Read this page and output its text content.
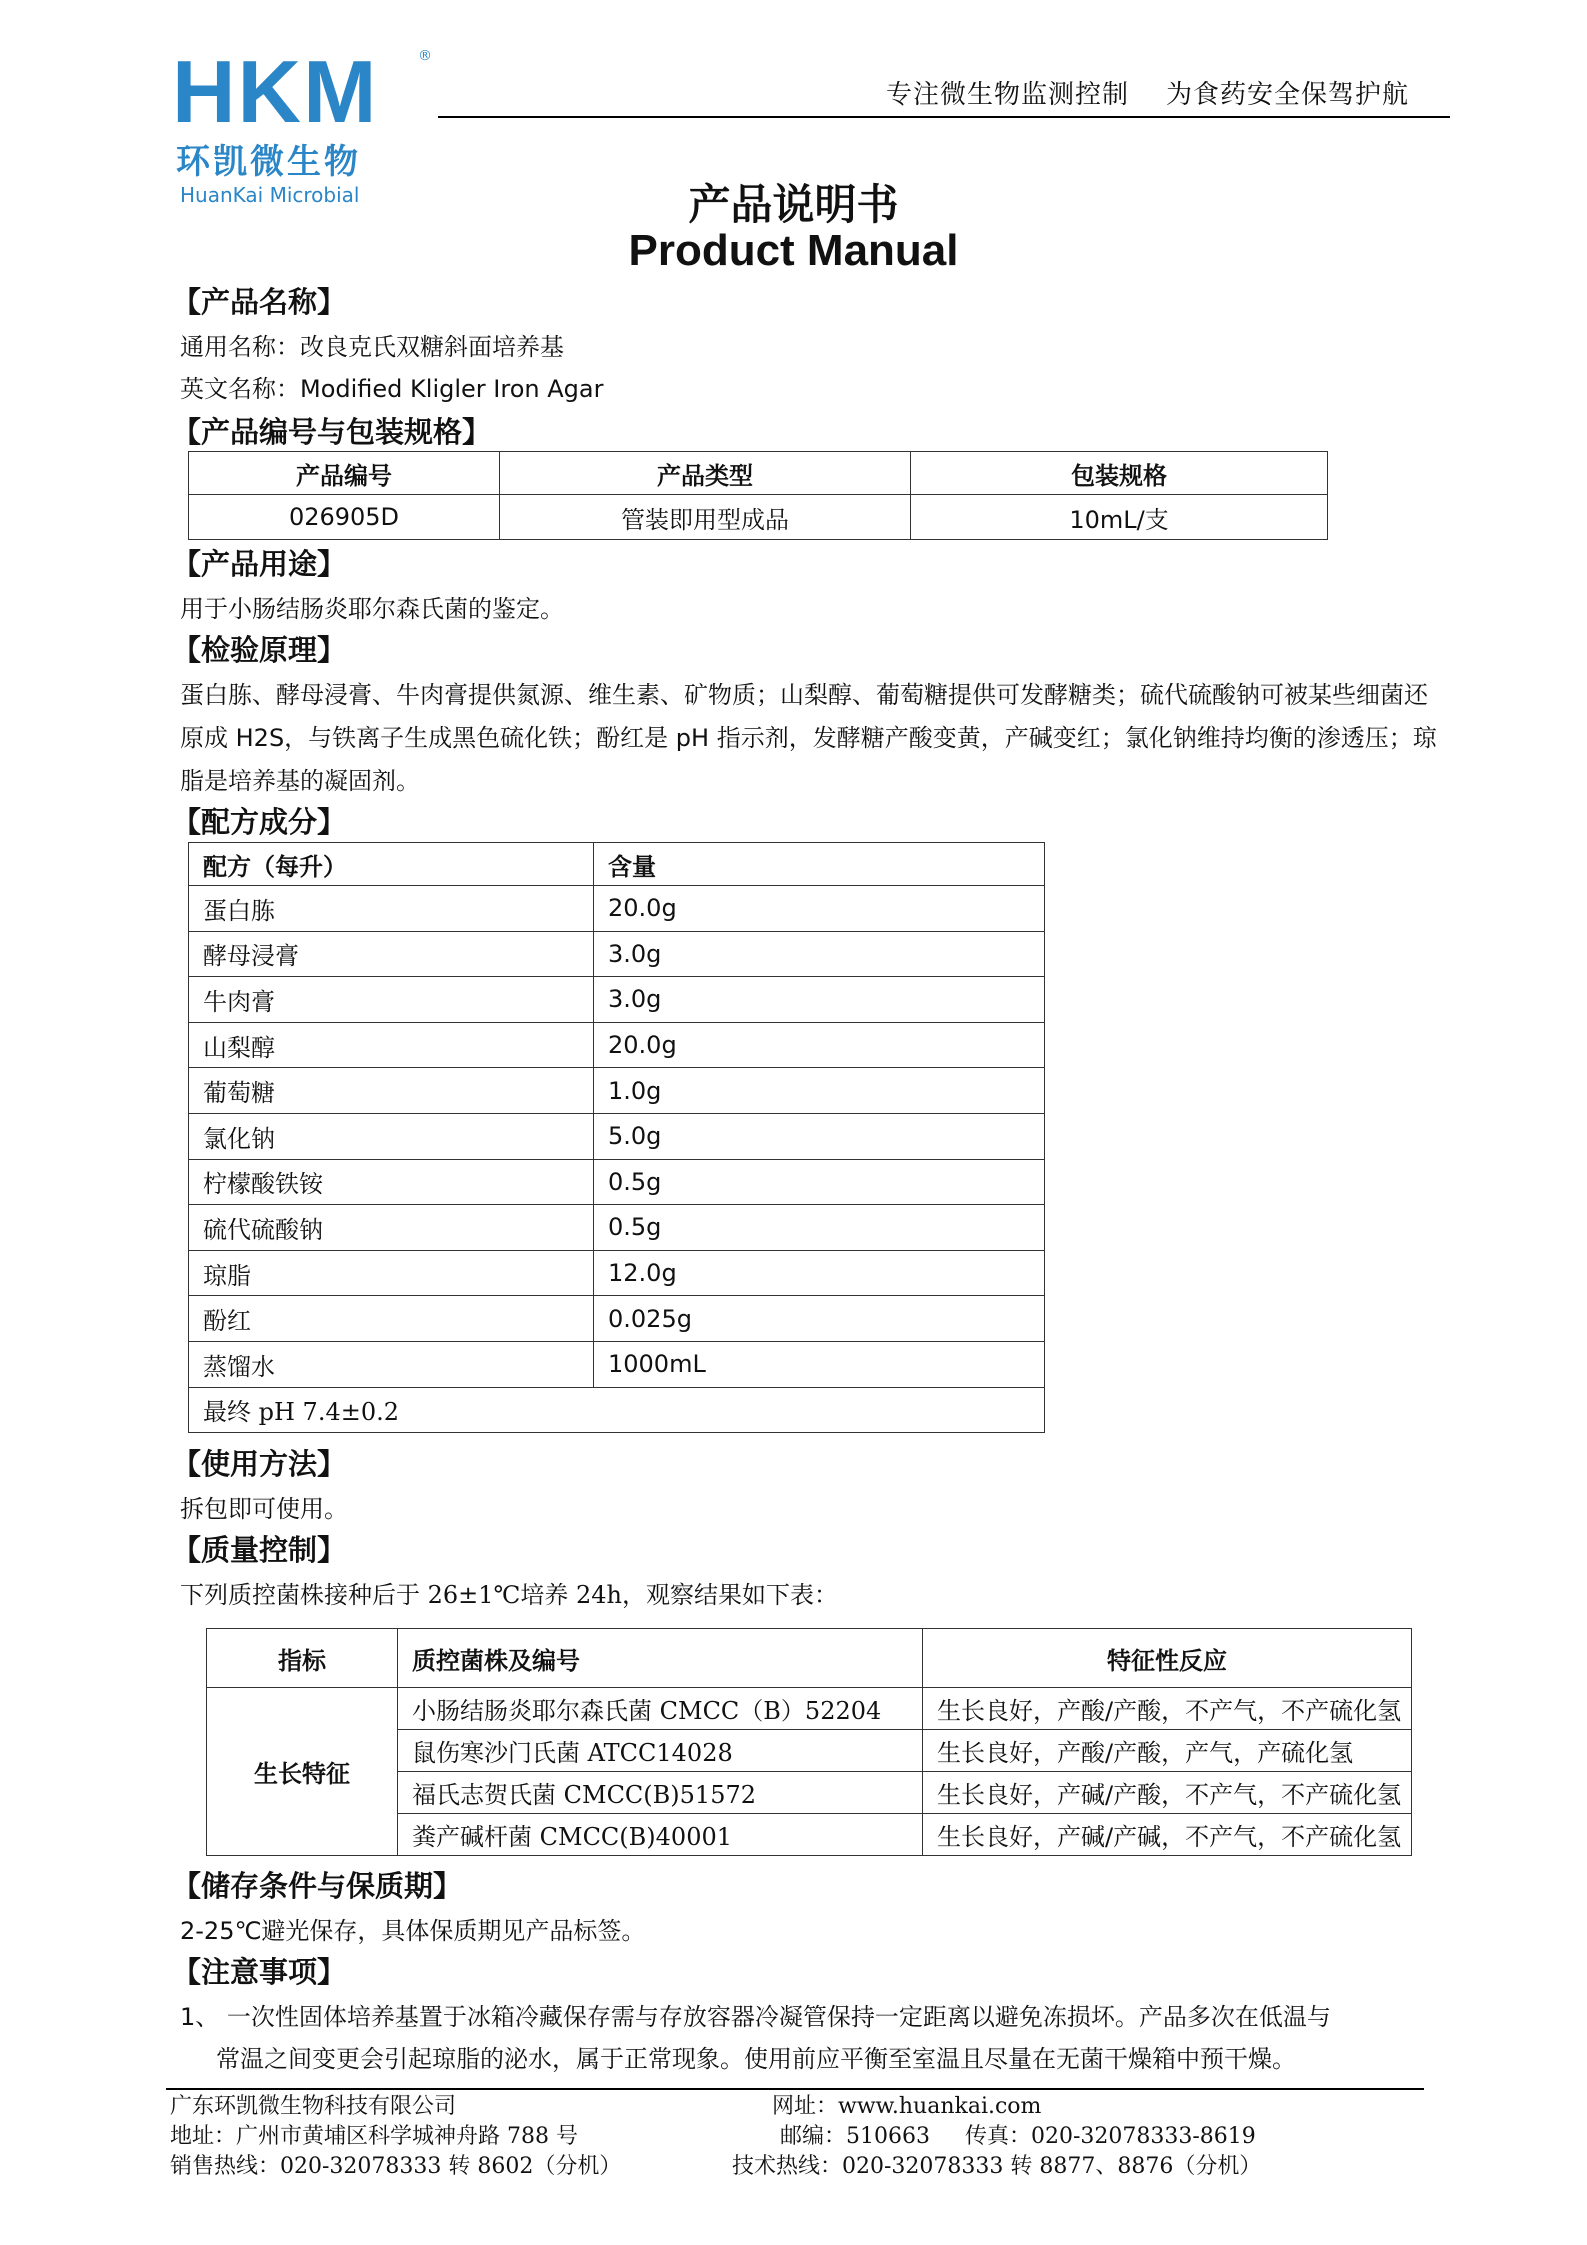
HKM	®
环凯微生物
HuanKai Microbial
专注微生物监测控制    为食药安全保驾护航
产品说明书
Product Manual
【产品名称】
通用名称：改良克氏双糖斜面培养基
英文名称：Modified Kligler Iron Agar
【产品编号与包装规格】
产品编号	产品类型	包装规格
026905D	管装即用型成品	10mL/支
【产品用途】
用于小肠结肠炎耶尔森氏菌的鉴定。
【检验原理】
蛋白胨、酵母浸膏、牛肉膏提供氮源、维生素、矿物质；山梨醇、葡萄糖提供可发酵糖类；硫代硫酸钠可被某些细菌还原成 H2S，与铁离子生成黑色硫化铁；酚红是 pH 指示剂，发酵糖产酸变黄，产碱变红；氯化钠维持均衡的渗透压；琼脂是培养基的凝固剂。
【配方成分】
配方（每升）	含量
蛋白胨	20.0g
酵母浸膏	3.0g
牛肉膏	3.0g
山梨醇	20.0g
葡萄糖	1.0g
氯化钠	5.0g
柠檬酸铁铵	0.5g
硫代硫酸钠	0.5g
琼脂	12.0g
酚红	0.025g
蒸馏水	1000mL
最终 pH 7.4±0.2	
【使用方法】
拆包即可使用。
【质量控制】
下列质控菌株接种后于 26±1℃培养 24h，观察结果如下表：
指标	质控菌株及编号	特征性反应
生长特征	小肠结肠炎耶尔森氏菌 CMCC（B）52204	生长良好，产酸/产酸，不产气，不产硫化氢
	鼠伤寒沙门氏菌 ATCC14028	生长良好，产酸/产酸，产气，产硫化氢
	福氏志贺氏菌 CMCC(B)51572	生长良好，产碱/产酸，不产气，不产硫化氢
	粪产碱杆菌 CMCC(B)40001	生长良好，产碱/产碱，不产气，不产硫化氢
【储存条件与保质期】
2-25℃避光保存，具体保质期见产品标签。
【注意事项】
1、 一次性固体培养基置于冰箱冷藏保存需与存放容器冷凝管保持一定距离以避免冻损坏。产品多次在低温与
常温之间变更会引起琼脂的泌水，属于正常现象。使用前应平衡至室温且尽量在无菌干燥箱中预干燥。
广东环凯微生物科技有限公司
地址：广州市黄埔区科学城神舟路 788 号
销售热线：020-32078333 转 8602（分机）
网址：www.huankai.com
邮编：510663     传真：020-32078333-8619
技术热线：020-32078333 转 8877、8876（分机）
